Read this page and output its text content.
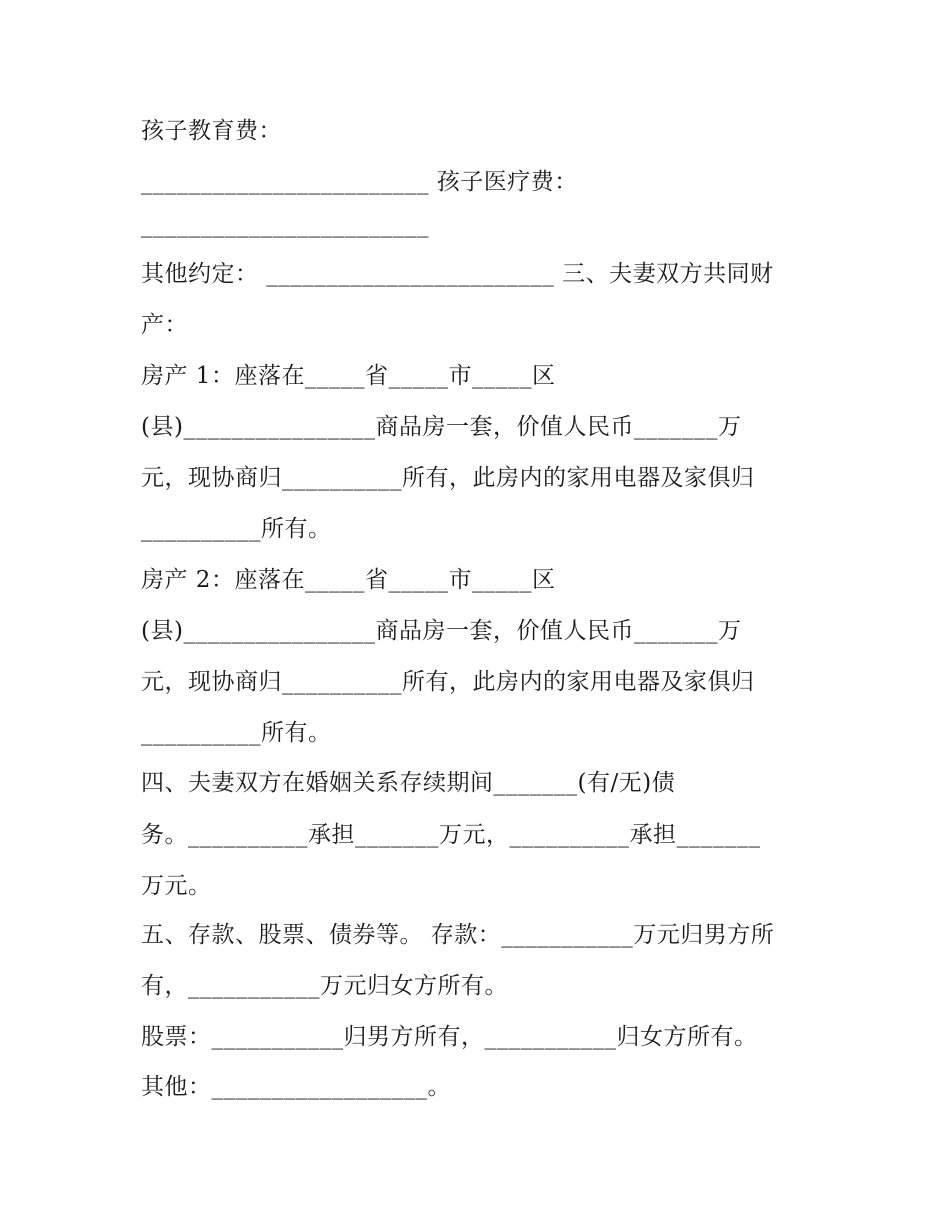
孩子教育费：
________________________ 孩子医疗费：
________________________
其他约定： ________________________ 三、夫妻双方共同财
产：
房产 1：座落在_____省_____市_____区
(县)________________商品房一套，价值人民币_______万
元，现协商归__________所有，此房内的家用电器及家俱归
__________所有。
房产 2：座落在_____省_____市_____区
(县)________________商品房一套，价值人民币_______万
元，现协商归__________所有，此房内的家用电器及家俱归
__________所有。
四、夫妻双方在婚姻关系存续期间_______(有/无)债
务。__________承担_______万元，__________承担_______
万元。
五、存款、股票、债券等。 存款：___________万元归男方所
有，___________万元归女方所有。
股票：___________归男方所有，___________归女方所有。
其他：__________________。
